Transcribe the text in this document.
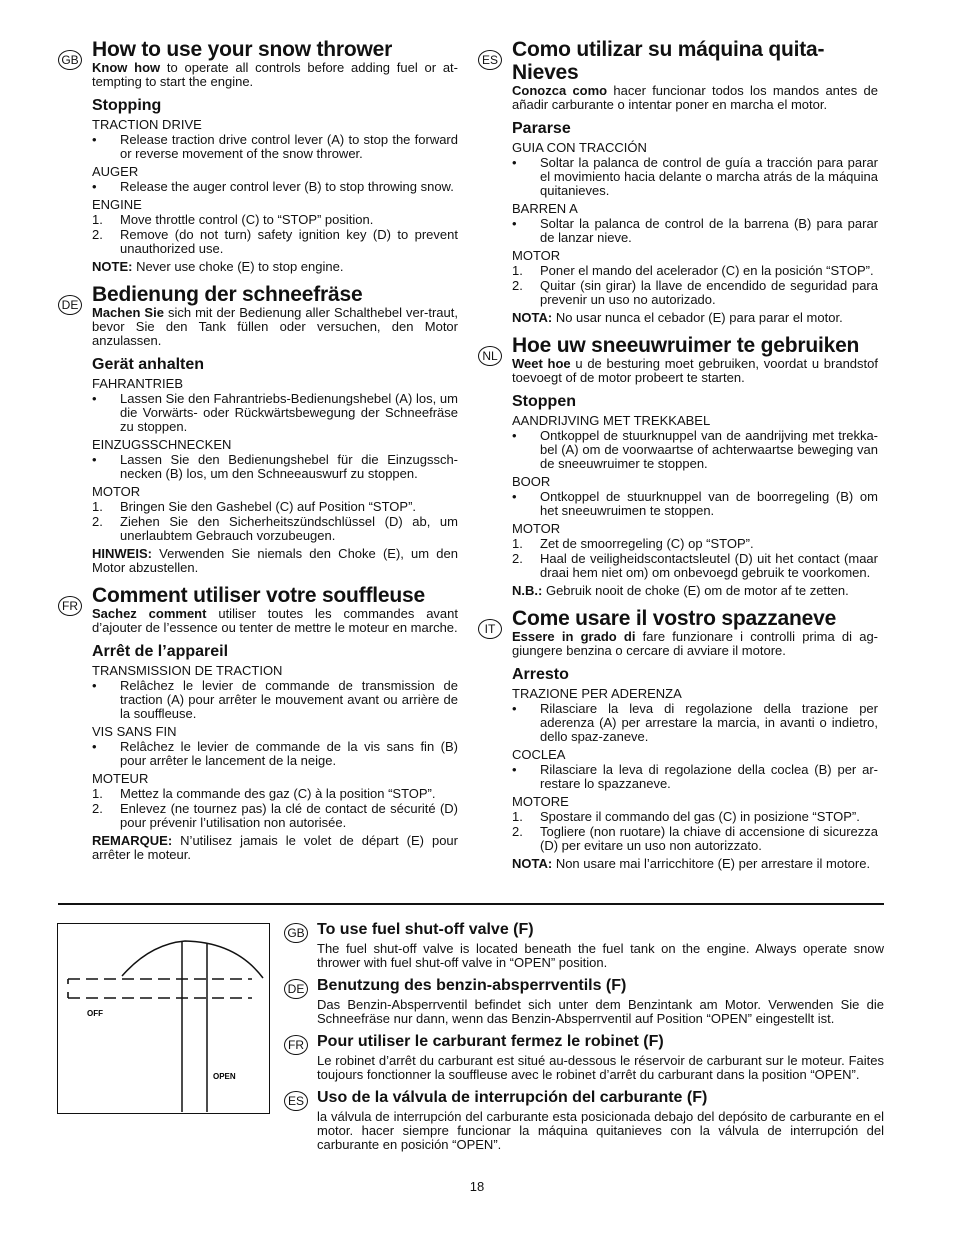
GB How to use your snow thrower

Know how to operate all controls before adding fuel or at-tempting to start the engine.

Stopping

TRACTION DRIVE

• Release traction drive control lever (A) to stop the forward or reverse movement of the snow thrower.

AUGER

• Release the auger control lever (B) to stop throwing snow.

ENGINE

1. Move throttle control (C) to “STOP” position.
2. Remove (do not turn) safety ignition key (D) to prevent unauthorized use.

NOTE: Never use choke (E) to stop engine.

DE Bedienung der schneefräse

Machen Sie sich mit der Bedienung aller Schalthebel ver-traut, bevor Sie den Tank füllen oder versuchen, den Motor anzulassen.

Gerät anhalten

FAHRANTRIEB

• Lassen Sie den Fahrantriebs-Bedienungshebel (A) los, um die Vorwärts- oder Rückwärtsbewegung der Schneefräse zu stoppen.

EINZUGSSCHNECKEN

• Lassen Sie den Bedienungshebel für die Einzugssch-necken (B) los, um den Schneeauswurf zu stoppen.

MOTOR

1. Bringen Sie den Gashebel (C) auf Position “STOP”.
2. Ziehen Sie den Sicherheitszündschlüssel (D) ab, um unerlaubtem Gebrauch vorzubeugen.

HINWEIS: Verwenden Sie niemals den Choke (E), um den Motor abzustellen.

FR Comment utiliser votre souffleuse

Sachez comment utiliser toutes les commandes avant d’ajouter de l’essence ou tenter de mettre le moteur en marche.

Arrêt de l’appareil

TRANSMISSION DE TRACTION

• Relâchez le levier de commande de transmission de traction (A) pour arrêter le mouvement avant ou arrière de la souffleuse.

VIS SANS FIN

• Relâchez le levier de commande de la vis sans fin (B) pour arrêter le lancement de la neige.

MOTEUR

1. Mettez la commande des gaz (C) à la position “STOP”.
2. Enlevez (ne tournez pas) la clé de contact de sécurité (D) pour prévenir l’utilisation non autorisée.

REMARQUE: N’utilisez jamais le volet de départ (E) pour arrêter le moteur.

ES Como utilizar su máquina quita-Nieves

Conozca como hacer funcionar todos los mandos antes de añadir carburante o intentar poner en marcha el motor.

Pararse

GUIA CON TRACCIÓN

• Soltar la palanca de control de guía a tracción para parar el movimiento hacia delante o marcha atrás de la máquina quitanieves.

BARREN A

• Soltar la palanca de control de la barrena (B) para parar de lanzar nieve.

MOTOR

1. Poner el mando del acelerador (C) en la posición “STOP”.
2. Quitar (sin girar) la llave de encendido de seguridad para prevenir un uso no autorizado.

NOTA: No usar nunca el cebador (E) para parar el motor.

NL Hoe uw sneeuwruimer te gebruiken

Weet hoe u de besturing moet gebruiken, voordat u brandstof toevoegt of de motor probeert te starten.

Stoppen

AANDRIJVING MET TREKKABEL

• Ontkoppel de stuurknuppel van de aandrijving met trekka-bel (A) om de voorwaartse of achterwaartse beweging van de sneeuwruimer te stoppen.

BOOR

• Ontkoppel de stuurknuppel van de boorregeling (B) om het sneeuwruimen te stoppen.

MOTOR

1. Zet de smoorregeling (C) op “STOP”.
2. Haal de veiligheidscontactsleutel (D) uit het contact (maar draai hem niet om) om onbevoegd gebruik te voorkomen.

N.B.: Gebruik nooit de choke (E) om de motor af te zetten.

IT Come usare il vostro spazzaneve

Essere in grado di fare funzionare i controlli prima di ag-giungere benzina o cercare di avviare il motore.

Arresto

TRAZIONE PER ADERENZA

• Rilasciare la leva di regolazione della trazione per aderenza (A) per arrestare la marcia, in avanti o indietro, dello spaz-zaneve.

COCLEA

• Rilasciare la leva di regolazione della coclea (B) per ar-restare lo spazzaneve.

MOTORE

1. Spostare il commando del gas (C) in posizione “STOP”.
2. Togliere (non ruotare) la chiave di accensione di sicurezza (D) per evitare un uso non autorizzato.

NOTA: Non usare mai l’arricchitore (E) per arrestare il motore.

OFF
OPEN
GB To use fuel shut-off valve (F)

The fuel shut-off valve is located beneath the fuel tank on the engine. Always operate snow thrower with fuel shut-off valve in “OPEN” position.

DE Benutzung des benzin-absperrventils (F)

Das Benzin-Absperrventil befindet sich unter dem Benzintank am Motor. Verwenden Sie die Schneefräse nur dann, wenn das Benzin-Absperrventil auf Position “OPEN” eingestellt ist.

FR Pour utiliser le carburant fermez le robinet (F)

Le robinet d’arrêt du carburant est situé au-dessous le réservoir de carburant sur le moteur. Faites toujours fonctionner la souffleuse avec le robinet d’arrêt du carburant dans la position “OPEN”.

ES Uso de la válvula de interrupción del carburante (F)

la válvula de interrupción del carburante esta posicionada debajo del depósito de carburante en el motor. hacer siempre funcionar la máquina quitanieves con la válvula de interrupción del carburante en posición “OPEN”.

18
